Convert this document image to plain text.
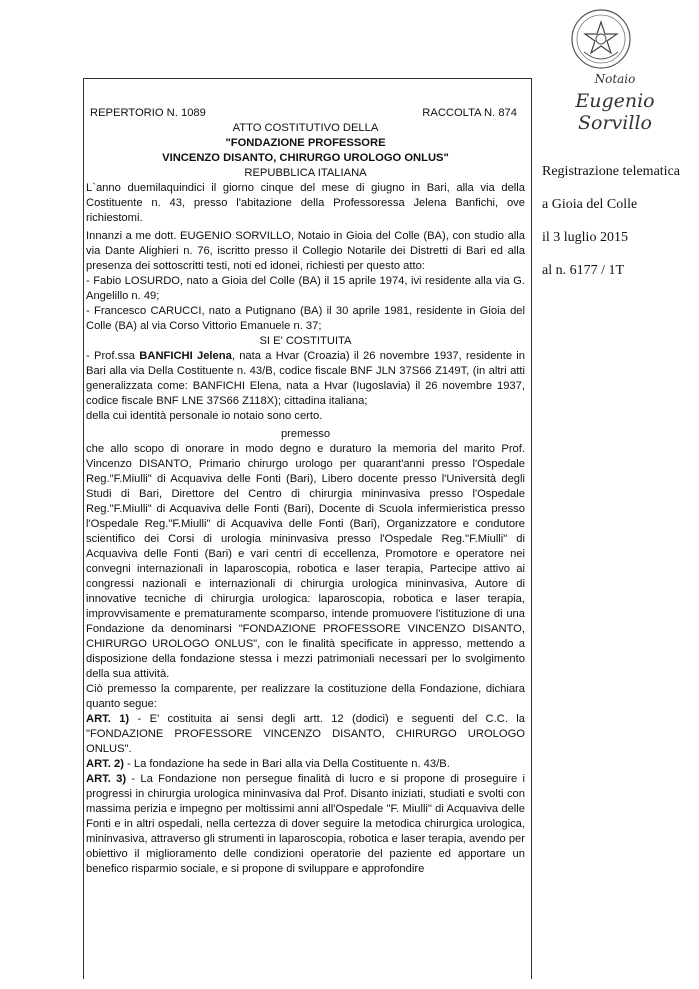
Notaio
Eugenio Sorvillo
Registrazione telematica
a Gioia del Colle
il 3 luglio 2015
al n. 6177 / 1T
REPERTORIO N. 1089	RACCOLTA N. 874
ATTO COSTITUTIVO DELLA
"FONDAZIONE PROFESSORE
VINCENZO DISANTO, CHIRURGO UROLOGO ONLUS"
REPUBBLICA ITALIANA

L`anno duemilaquindici il giorno cinque del mese di giugno in Bari, alla via della Costituente n. 43, presso l'abitazione della Professoressa Jelena Banfichi, ove richiestomi.

Innanzi a me dott. EUGENIO SORVILLO, Notaio in Gioia del Colle (BA), con studio alla via Dante Alighieri n. 76, iscritto presso il Collegio Notarile dei Distretti di Bari ed alla presenza dei sottoscritti testi, noti ed idonei, richiesti per questo atto:

- Fabio LOSURDO, nato a Gioia del Colle (BA) il 15 aprile 1974, ivi residente alla via G. Angelillo n. 49;

- Francesco CARUCCI, nato a Putignano (BA) il 30 aprile 1981, residente in Gioia del Colle (BA) al via Corso Vittorio Emanuele n. 37;

SI E' COSTITUITA

- Prof.ssa BANFICHI Jelena, nata a Hvar (Croazia) il 26 novembre 1937, residente in Bari alla via Della Costituente n. 43/B, codice fiscale BNF JLN 37S66 Z149T, (in altri atti generalizzata come: BANFICHI Elena, nata a Hvar (Iugoslavia) il 26 novembre 1937, codice fiscale BNF LNE 37S66 Z118X); cittadina italiana;

della cui identità personale io notaio sono certo.

premesso

che allo scopo di onorare in modo degno e duraturo la memoria del marito Prof. Vincenzo DISANTO, Primario chirurgo urologo per quarant'anni presso l'Ospedale Reg."F.Miulli" di Acquaviva delle Fonti (Bari), Libero docente presso l'Università degli Studi di Bari, Direttore del Centro di chirurgia mininvasiva presso l'Ospedale Reg."F.Miulli" di Acquaviva delle Fonti (Bari), Docente di Scuola infermieristica presso l'Ospedale Reg."F.Miulli" di Acquaviva delle Fonti (Bari), Organizzatore e condutore scientifico dei Corsi di urologia mininvasiva presso l'Ospedale Reg."F.Miulli" di Acquaviva delle Fonti (Bari) e vari centri di eccellenza, Promotore e operatore nei convegni internazionali in laparoscopia, robotica e laser terapia, Partecipe attivo ai congressi nazionali e internazionali di chirurgia urologica mininvasiva, Autore di innovative tecniche di chirurgia urologica: laparoscopia, robotica e laser terapia, improvvisamente e prematuramente scomparso, intende promuovere l'istituzione di una Fondazione da denominarsi "FONDAZIONE PROFESSORE VINCENZO DISANTO, CHIRURGO UROLOGO ONLUS", con le finalità specificate in appresso, mettendo a disposizione della fondazione stessa i mezzi patrimoniali necessari per lo svolgimento della sua attività.

Ciò premesso la comparente, per realizzare la costituzione della Fondazione, dichiara quanto segue:

ART. 1) - E' costituita ai sensi degli artt. 12 (dodici) e seguenti del C.C. la "FONDAZIONE PROFESSORE VINCENZO DISANTO, CHIRURGO UROLOGO ONLUS".

ART. 2) - La fondazione ha sede in Bari alla via Della Costituente n. 43/B.

ART. 3) - La Fondazione non persegue finalità di lucro e si propone di proseguire i progressi in chirurgia urologica mininvasiva dal Prof. Disanto iniziati, studiati e svolti con massima perizia e impegno per moltissimi anni all'Ospedale "F. Miulli" di Acquaviva delle Fonti e in altri ospedali, nella certezza di dover seguire la metodica chirurgica urologica, mininvasiva, attraverso gli strumenti in laparoscopia, robotica e laser terapia, avendo per obiettivo il miglioramento delle condizioni operatorie del paziente ed apportare un benefico risparmio sociale, e si propone di sviluppare e approfondire
